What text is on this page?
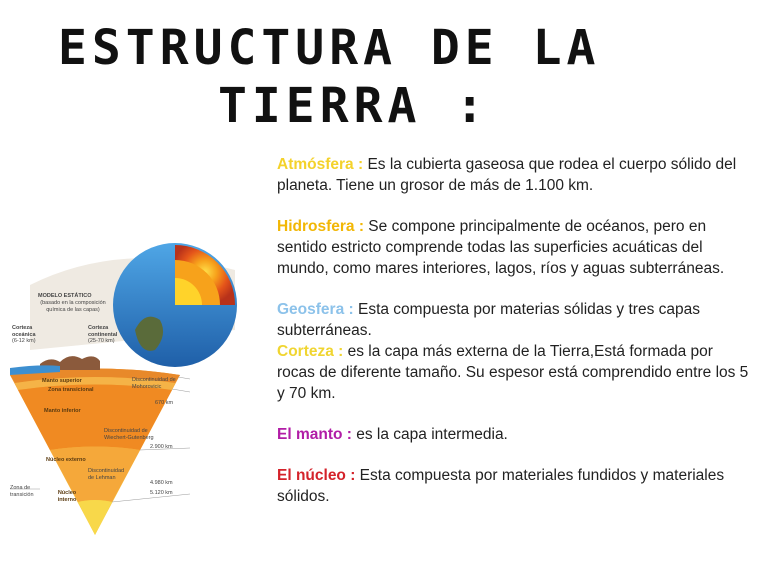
ESTRUCTURA DE LA
TIERRA :

Atmósfera : Es la cubierta gaseosa que rodea el cuerpo sólido del planeta. Tiene un grosor de más de 1.100 km.

Hidrosfera : Se compone principalmente de océanos, pero en sentido estricto comprende todas las superficies acuáticas del mundo, como mares interiores, lagos, ríos y aguas subterráneas.

Geosfera : Esta compuesta por materias sólidas y tres capas subterráneas.

Corteza : es la capa más externa de la Tierra,Está formada por rocas de diferente tamaño. Su espesor está comprendido entre los 5 y 70 km.

El manto : es la capa intermedia.

El núcleo : Esta compuesta por materiales fundidos y materiales sólidos.

MODELO ESTÁTICO
(basado en la composición química de las capas)
Corteza oceánica
(6-12 km)
Corteza continental
(25-70 km)
Manto superior
Zona transicional
Manto inferior
Núcleo externo
Núcleo interno
Zona de transición
Discontinuidad de Mohorovicic
670 km
Discontinuidad de Wiechert-Gutenberg
2.900 km
Discontinuidad de Lehman
4.980 km
5.120 km
